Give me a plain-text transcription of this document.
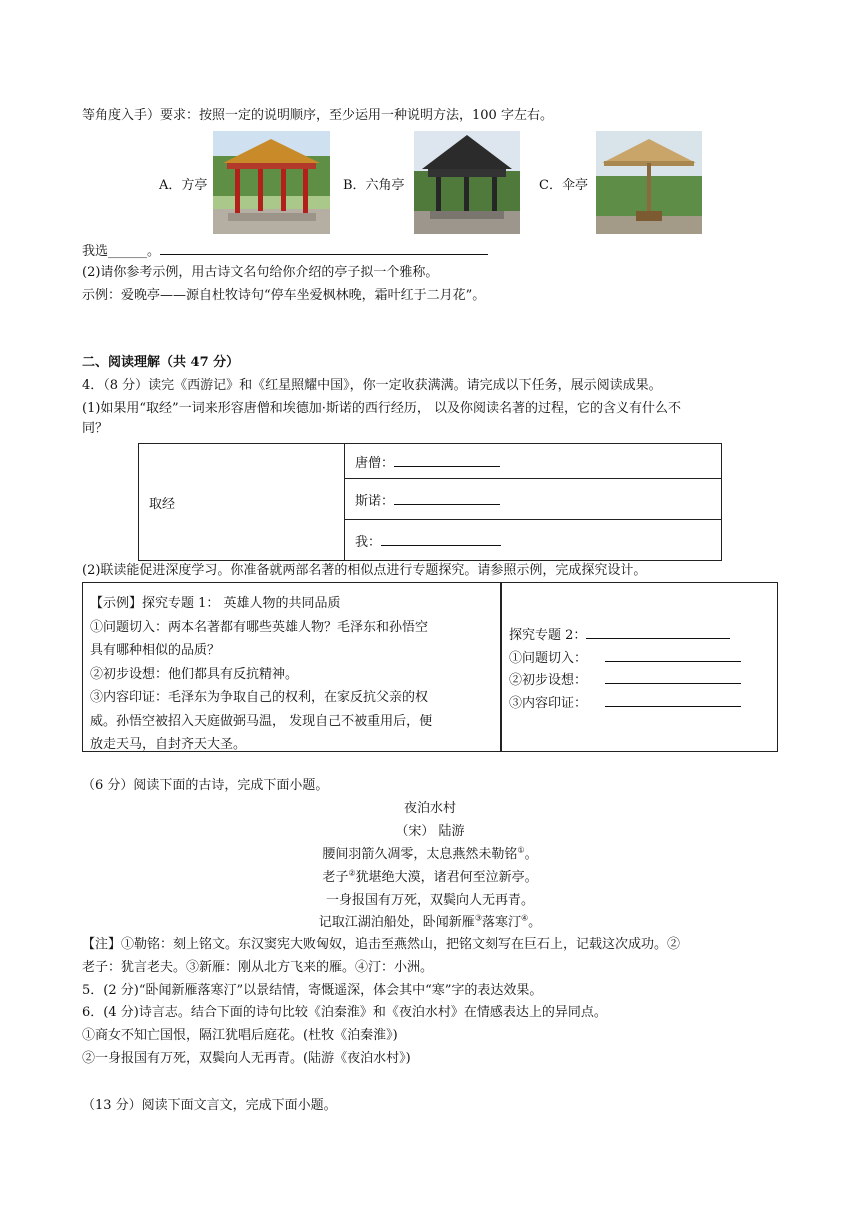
等角度入手）要求：按照一定的说明顺序，至少运用一种说明方法，100 字左右。
A．方亭	B．六角亭	C．伞亭
我选______。
(2)请你参考示例，用古诗文名句给你介绍的亭子拟一个雅称。
示例：爱晚亭——源自杜牧诗句“停车坐爱枫林晚，霜叶红于二月花”。
二、阅读理解（共 47 分）
4．（8 分）读完《西游记》和《红星照耀中国》，你一定收获满满。请完成以下任务，展示阅读成果。
(1)如果用“取经”一词来形容唐僧和埃德加·斯诺的西行经历， 以及你阅读名著的过程，它的含义有什么不
同？
取经	唐僧：
斯诺：
我：
(2)联读能促进深度学习。你准备就两部名著的相似点进行专题探究。请参照示例，完成探究设计。
【示例】探究专题 1： 英雄人物的共同品质
①问题切入：两本名著都有哪些英雄人物？毛泽东和孙悟空
具有哪种相似的品质？
②初步设想：他们都具有反抗精神。
③内容印证：毛泽东为争取自己的权利，在家反抗父亲的权
威。孙悟空被招入天庭做弼马温， 发现自己不被重用后，便
放走天马，自封齐天大圣。
探究专题 2：
①问题切入：
②初步设想：
③内容印证：
（6 分）阅读下面的古诗，完成下面小题。
夜泊水村
（宋） 陆游
腰间羽箭久凋零，太息燕然未勒铭①。
老子②犹堪绝大漠，诸君何至泣新亭。
一身报国有万死，双鬓向人无再青。
记取江湖泊船处，卧闻新雁③落寒汀④。
【注】①勒铭：刻上铭文。东汉窦宪大败匈奴，追击至燕然山，把铭文刻写在巨石上，记载这次成功。②
老子：犹言老夫。③新雁：刚从北方飞来的雁。④汀：小洲。
5．(2 分)“卧闻新雁落寒汀”以景结情，寄慨遥深，体会其中“寒”字的表达效果。
6．(4 分)诗言志。结合下面的诗句比较《泊秦淮》和《夜泊水村》在情感表达上的异同点。
①商女不知亡国恨，隔江犹唱后庭花。(杜牧《泊秦淮》)
②一身报国有万死，双鬓向人无再青。(陆游《夜泊水村》)
（13 分）阅读下面文言文，完成下面小题。
